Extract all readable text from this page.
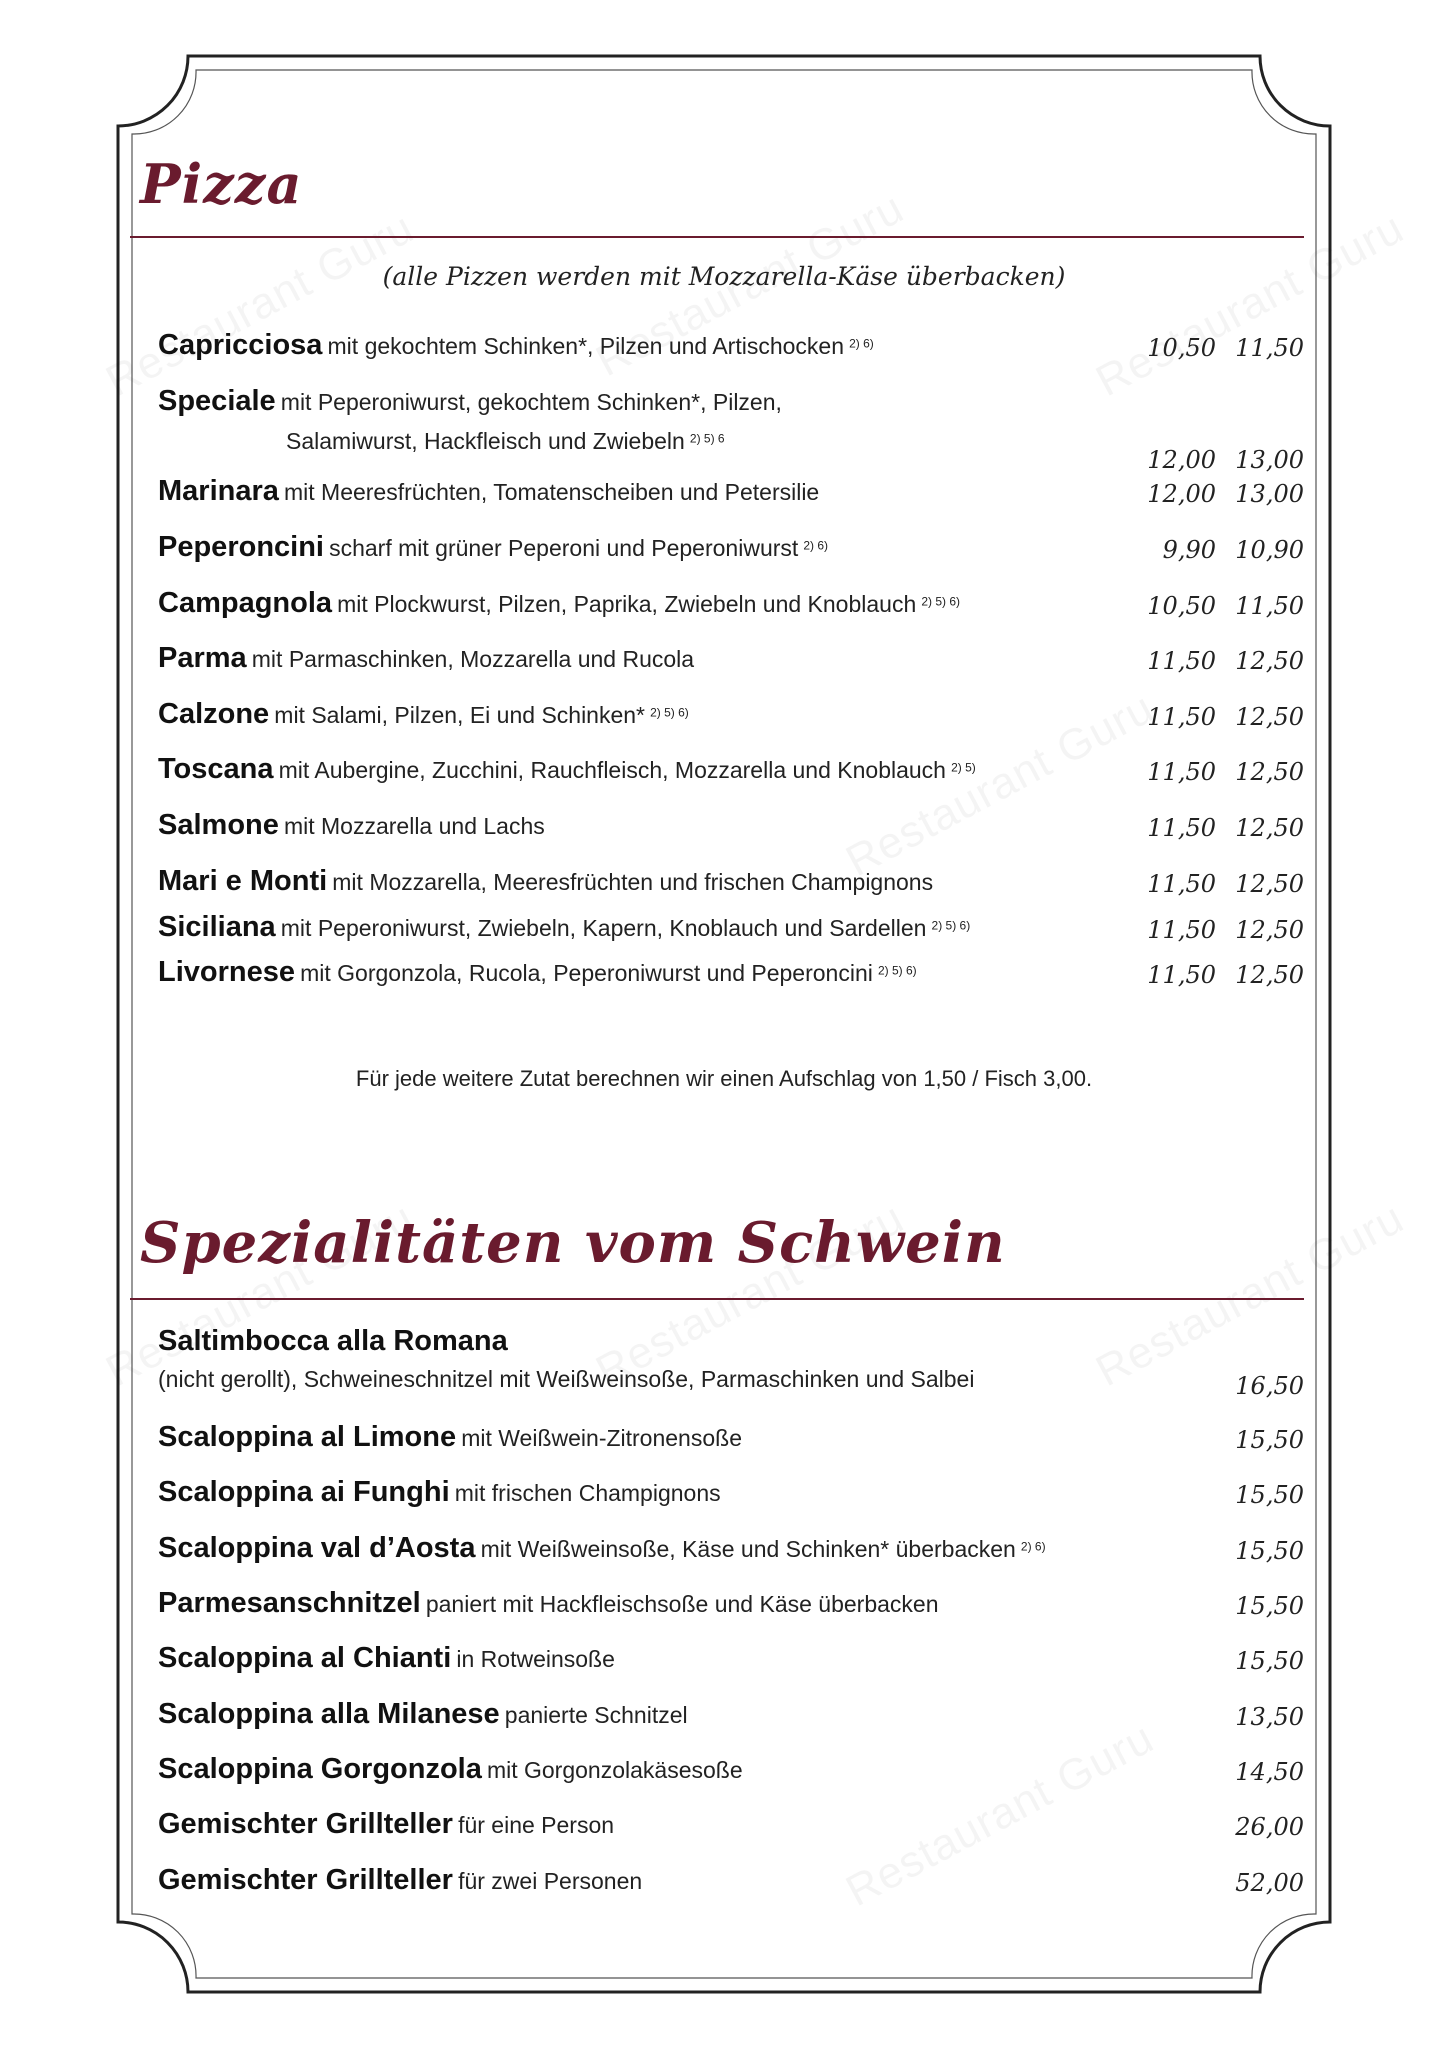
Pizza
(alle Pizzen werden mit Mozzarella-Käse überbacken)
Capricciosa mit gekochtem Schinken*, Pilzen und Artischocken $^{2) 6)}$	10,50 11,50
Speciale mit Peperoniwurst, gekochtem Schinken*, Pilzen,
Salamiwurst, Hackfleisch und Zwiebeln $^{2) 5) 6}$
12,00 13,00
Marinara mit Meeresfrüchten, Tomatenscheiben und Petersilie	12,00 13,00
Peperoncini scharf mit grüner Peperoni und Peperoniwurst $^{2) 6)}$	9,90 10,90
Campagnola mit Plockwurst, Pilzen, Paprika, Zwiebeln und Knoblauch $^{2) 5) 6)}$	10,50 11,50
Parma mit Parmaschinken, Mozzarella und Rucola	11,50 12,50
Calzone mit Salami, Pilzen, Ei und Schinken* $^{2) 5) 6)}$	11,50 12,50
Toscana mit Aubergine, Zucchini, Rauchfleisch, Mozzarella und Knoblauch $^{2) 5)}$	11,50 12,50
Salmone mit Mozzarella und Lachs	11,50 12,50
Mari e Monti mit Mozzarella, Meeresfrüchten und frischen Champignons	11,50 12,50
Siciliana mit Peperoniwurst, Zwiebeln, Kapern, Knoblauch und Sardellen $^{2) 5) 6)}$	11,50 12,50
Livornese mit Gorgonzola, Rucola, Peperoniwurst und Peperoncini $^{2) 5) 6)}$	11,50 12,50
Für jede weitere Zutat berechnen wir einen Aufschlag von 1,50 / Fisch 3,00.
Spezialitäten vom Schwein
Saltimbocca alla Romana
(nicht gerollt), Schweineschnitzel mit Weißweinsoße, Parmaschinken und Salbei	16,50
Scaloppina al Limone mit Weißwein-Zitronensoße	15,50
Scaloppina ai Funghi mit frischen Champignons	15,50
Scaloppina val d’Aosta mit Weißweinsoße, Käse und Schinken* überbacken $^{2) 6)}$	15,50
Parmesanschnitzel paniert mit Hackfleischsoße und Käse überbacken	15,50
Scaloppina al Chianti in Rotweinsoße	15,50
Scaloppina alla Milanese panierte Schnitzel	13,50
Scaloppina Gorgonzola mit Gorgonzolakäsesoße	14,50
Gemischter Grillteller für eine Person	26,00
Gemischter Grillteller für zwei Personen	52,00
